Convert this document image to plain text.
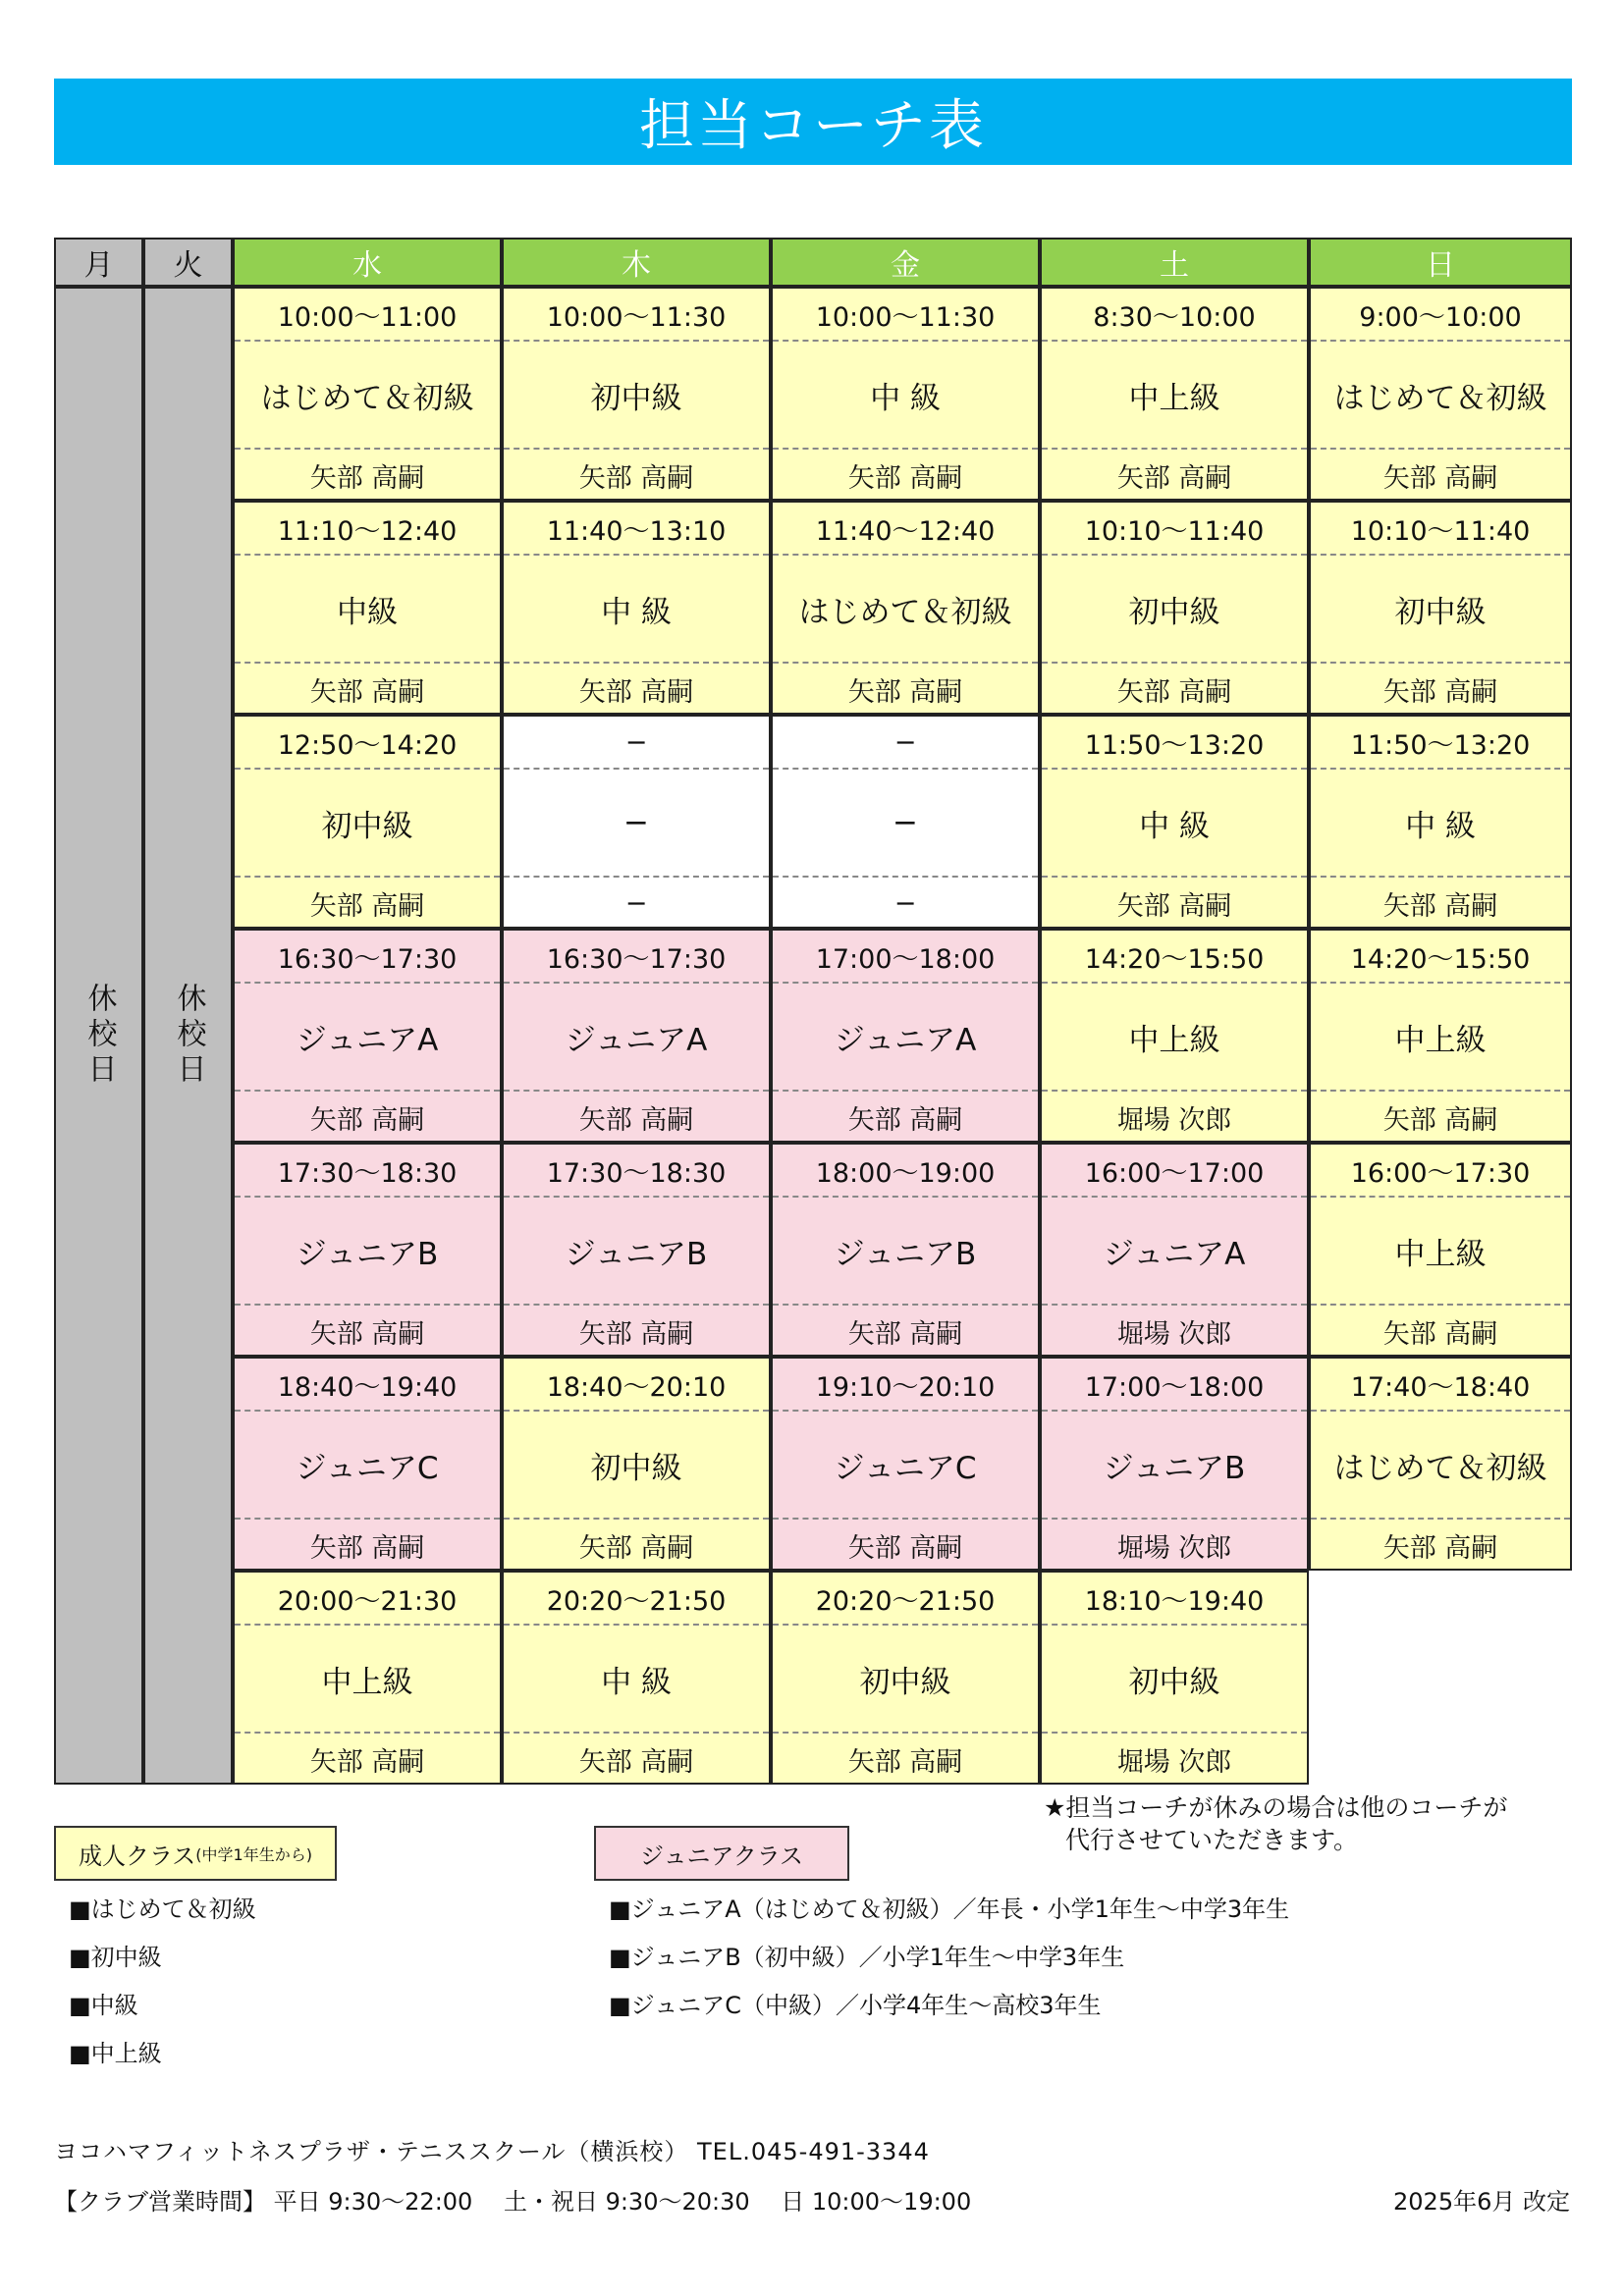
担当コーチ表
月
休校日
火
休校日
水
10:00〜11:00
はじめて＆初級
矢部 高嗣
11:10〜12:40
中級
矢部 高嗣
12:50〜14:20
初中級
矢部 高嗣
16:30〜17:30
ジュニアA
矢部 高嗣
17:30〜18:30
ジュニアB
矢部 高嗣
18:40〜19:40
ジュニアC
矢部 高嗣
20:00〜21:30
中上級
矢部 高嗣
木
10:00〜11:30
初中級
矢部 高嗣
11:40〜13:10
中 級
矢部 高嗣
−
−
−
16:30〜17:30
ジュニアA
矢部 高嗣
17:30〜18:30
ジュニアB
矢部 高嗣
18:40〜20:10
初中級
矢部 高嗣
20:20〜21:50
中 級
矢部 高嗣
金
10:00〜11:30
中 級
矢部 高嗣
11:40〜12:40
はじめて＆初級
矢部 高嗣
−
−
−
17:00〜18:00
ジュニアA
矢部 高嗣
18:00〜19:00
ジュニアB
矢部 高嗣
19:10〜20:10
ジュニアC
矢部 高嗣
20:20〜21:50
初中級
矢部 高嗣
土
8:30〜10:00
中上級
矢部 高嗣
10:10〜11:40
初中級
矢部 高嗣
11:50〜13:20
中 級
矢部 高嗣
14:20〜15:50
中上級
堀場 次郎
16:00〜17:00
ジュニアA
堀場 次郎
17:00〜18:00
ジュニアB
堀場 次郎
18:10〜19:40
初中級
堀場 次郎
日
9:00〜10:00
はじめて＆初級
矢部 高嗣
10:10〜11:40
初中級
矢部 高嗣
11:50〜13:20
中 級
矢部 高嗣
14:20〜15:50
中上級
矢部 高嗣
16:00〜17:30
中上級
矢部 高嗣
17:40〜18:40
はじめて＆初級
矢部 高嗣
成人クラス (中学1年生から)	ジュニアクラス
■はじめて＆初級
■初中級
■中級
■中上級
■ジュニアA（はじめて＆初級）／年長・小学1年生〜中学3年生
■ジュニアB（初中級）／小学1年生〜中学3年生
■ジュニアC（中級）／小学4年生〜高校3年生
★担当コーチが休みの場合は他のコーチが
代行させていただきます。
ヨコハマフィットネスプラザ・テニススクール（横浜校） TEL.045-491-3344
【クラブ営業時間】 平日 9:30〜22:00　 土・祝日 9:30〜20:30　 日 10:00〜19:00	2025年6月 改定
